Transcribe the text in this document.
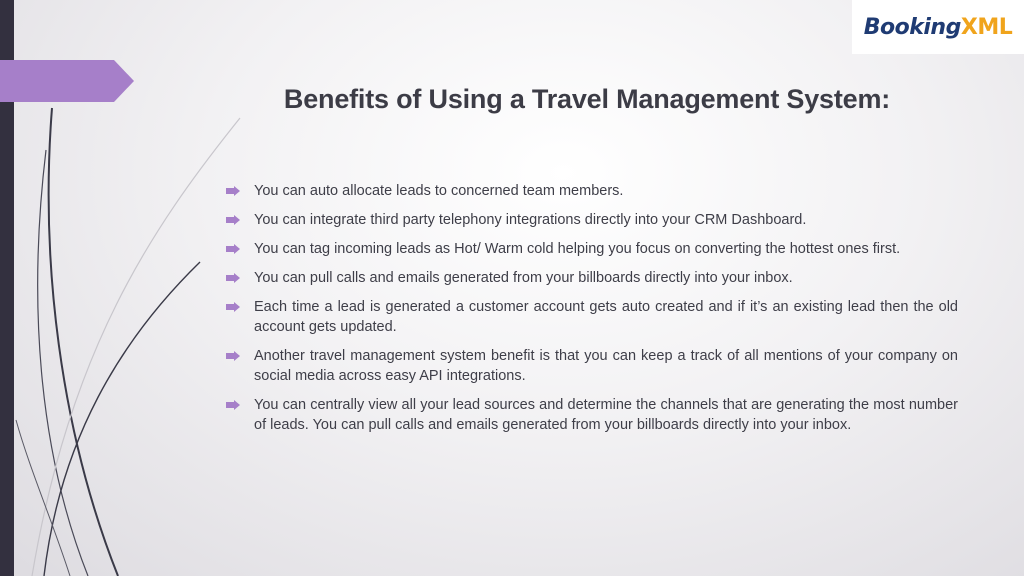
BookingXML
Benefits of Using a Travel Management System:
You can auto allocate leads to concerned team members.
You can integrate third party telephony integrations directly into your CRM Dashboard.
You can tag incoming leads as Hot/ Warm cold helping you focus on converting the hottest ones first.
You can pull calls and emails generated from your billboards directly into your inbox.
Each time a lead is generated a customer account gets auto created and if it’s an existing lead then the old account gets updated.
Another travel management system benefit is that you can keep a track of all mentions of your company on social media across easy API integrations.
You can centrally view all your lead sources and determine the channels that are generating the most number of leads. You can pull calls and emails generated from your billboards directly into your inbox.
